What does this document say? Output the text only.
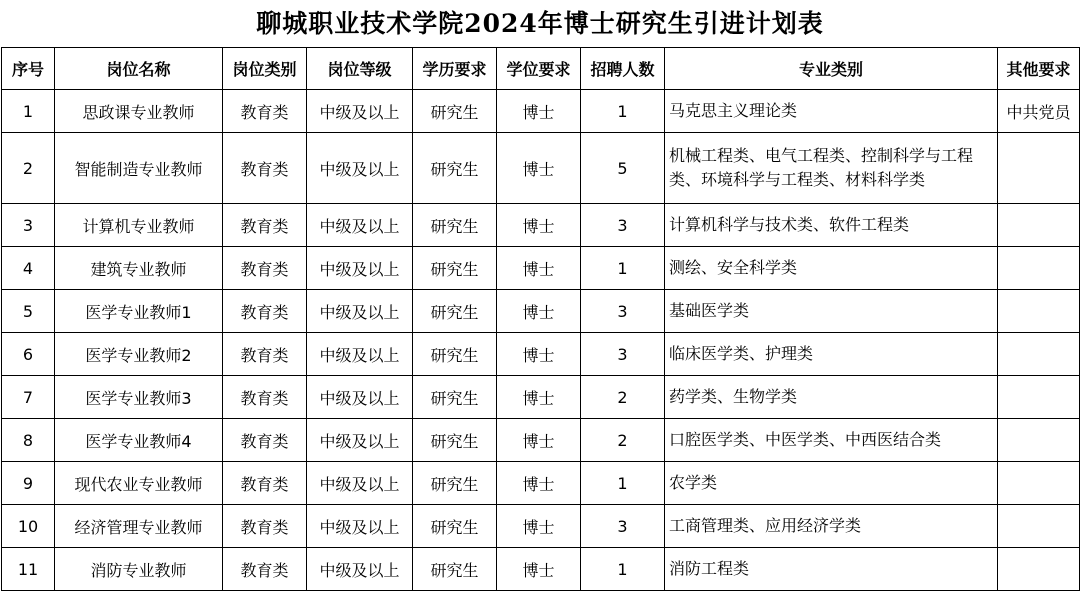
聊城职业技术学院2024年博士研究生引进计划表
序号	岗位名称	岗位类别	岗位等级	学历要求	学位要求	招聘人数	专业类别	其他要求
1	思政课专业教师	教育类	中级及以上	研究生	博士	1	马克思主义理论类	中共党员
2	智能制造专业教师	教育类	中级及以上	研究生	博士	5	机械工程类、电气工程类、控制科学与工程类、环境科学与工程类、材料科学类	
3	计算机专业教师	教育类	中级及以上	研究生	博士	3	计算机科学与技术类、软件工程类	
4	建筑专业教师	教育类	中级及以上	研究生	博士	1	测绘、安全科学类	
5	医学专业教师1	教育类	中级及以上	研究生	博士	3	基础医学类	
6	医学专业教师2	教育类	中级及以上	研究生	博士	3	临床医学类、护理类	
7	医学专业教师3	教育类	中级及以上	研究生	博士	2	药学类、生物学类	
8	医学专业教师4	教育类	中级及以上	研究生	博士	2	口腔医学类、中医学类、中西医结合类	
9	现代农业专业教师	教育类	中级及以上	研究生	博士	1	农学类	
10	经济管理专业教师	教育类	中级及以上	研究生	博士	3	工商管理类、应用经济学类	
11	消防专业教师	教育类	中级及以上	研究生	博士	1	消防工程类	
